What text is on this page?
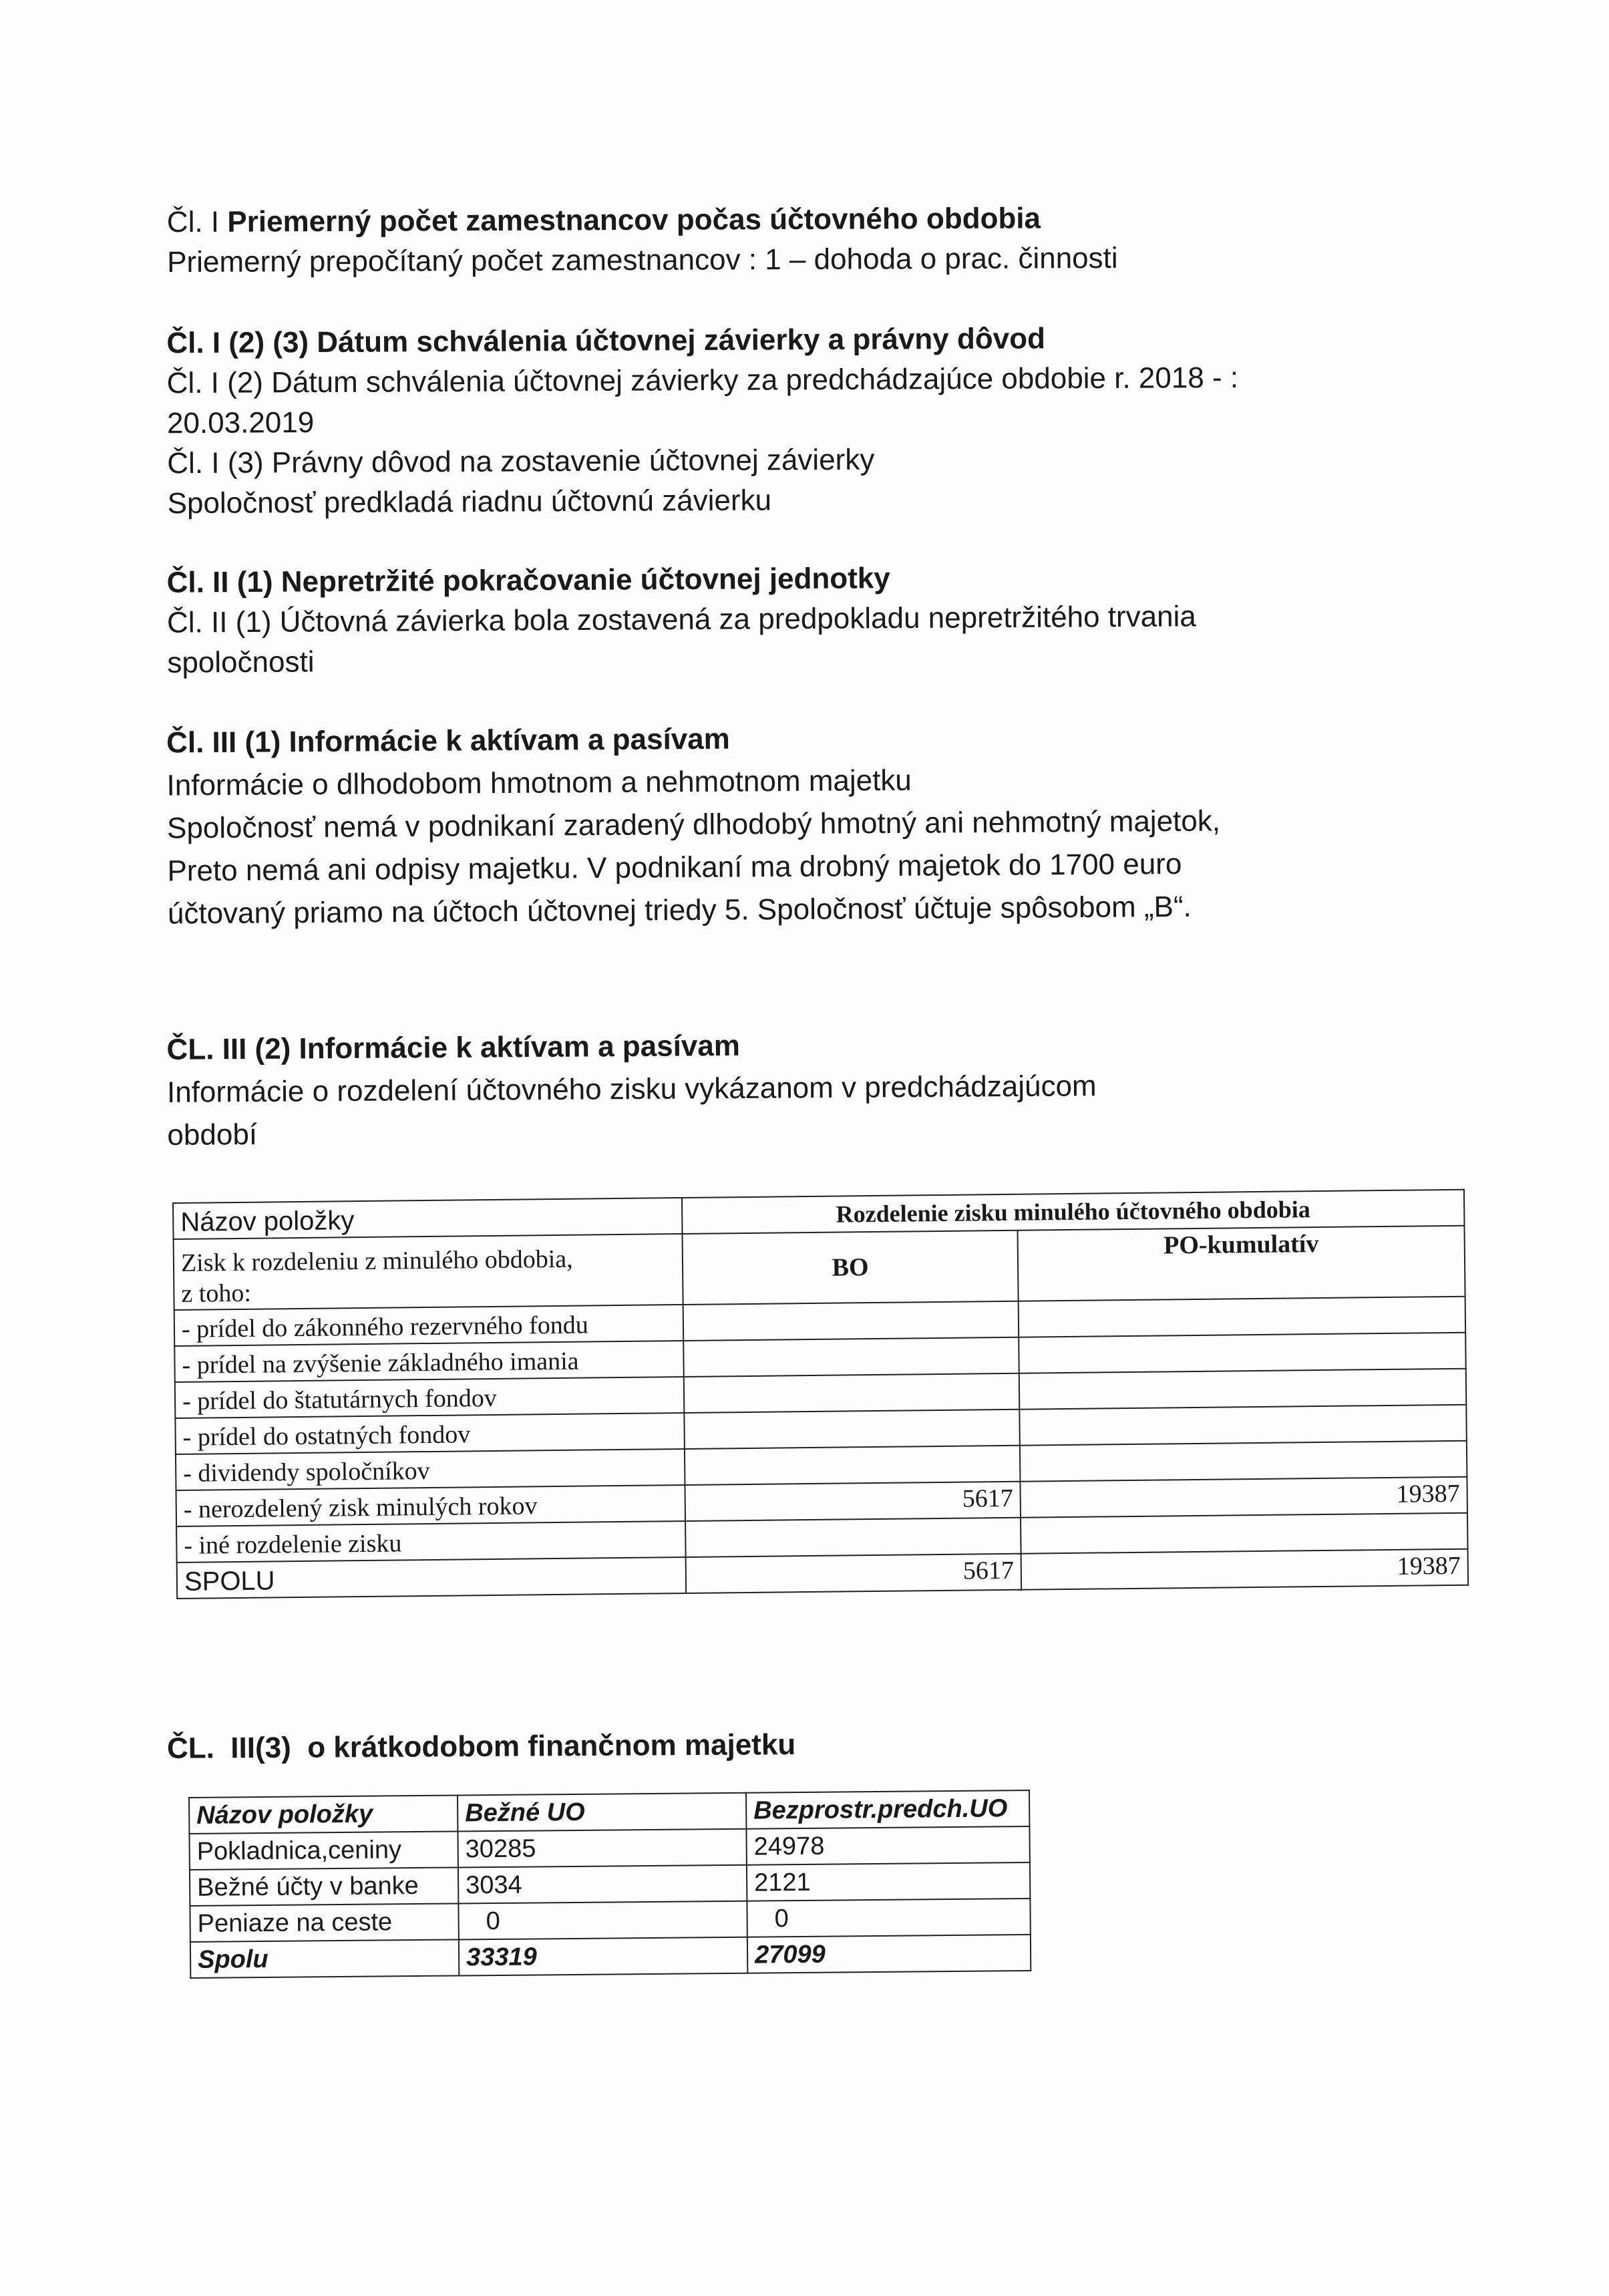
Čl. I Priemerný počet zamestnancov počas účtovného obdobia
Priemerný prepočítaný počet zamestnancov : 1 – dohoda o prac. činnosti
Čl. I (2) (3) Dátum schválenia účtovnej závierky a právny dôvod
Čl. I (2) Dátum schválenia účtovnej závierky za predchádzajúce obdobie r. 2018 - :
20.03.2019
Čl. I (3) Právny dôvod na zostavenie účtovnej závierky
Spoločnosť predkladá riadnu účtovnú závierku
Čl. II (1) Nepretržité pokračovanie účtovnej jednotky
Čl. II (1) Účtovná závierka bola zostavená za predpokladu nepretržitého trvania
spoločnosti
Čl. III (1) Informácie k aktívam a pasívam
Informácie o dlhodobom hmotnom a nehmotnom majetku
Spoločnosť nemá v podnikaní zaradený dlhodobý hmotný ani nehmotný majetok,
Preto nemá ani odpisy majetku. V podnikaní ma drobný majetok do 1700 euro
účtovaný priamo na účtoch účtovnej triedy 5. Spoločnosť účtuje spôsobom „B“.
ČL. III (2) Informácie k aktívam a pasívam
Informácie o rozdelení účtovného zisku vykázanom v predchádzajúcom
období
Názov položky	Rozdelenie zisku minulého účtovného obdobia	

Zisk k rozdeleniu z minulého obdobia,
z toho:	BO	PO-kumulatív
- prídel do zákonného rezervného fondu		
- prídel na zvýšenie základného imania		
- prídel do štatutárnych fondov		
- prídel do ostatných fondov		
- dividendy spoločníkov		
- nerozdelený zisk minulých rokov	5617	19387
- iné rozdelenie zisku		
SPOLU	5617	19387
ČL.  III(3)  o krátkodobom finančnom majetku
Názov položky	Bežné UO	Bezprostr.predch.UO
Pokladnica,ceniny	30285	24978
Bežné účty v banke	3034	2121
Peniaze na ceste	0	0
Spolu	33319	27099
